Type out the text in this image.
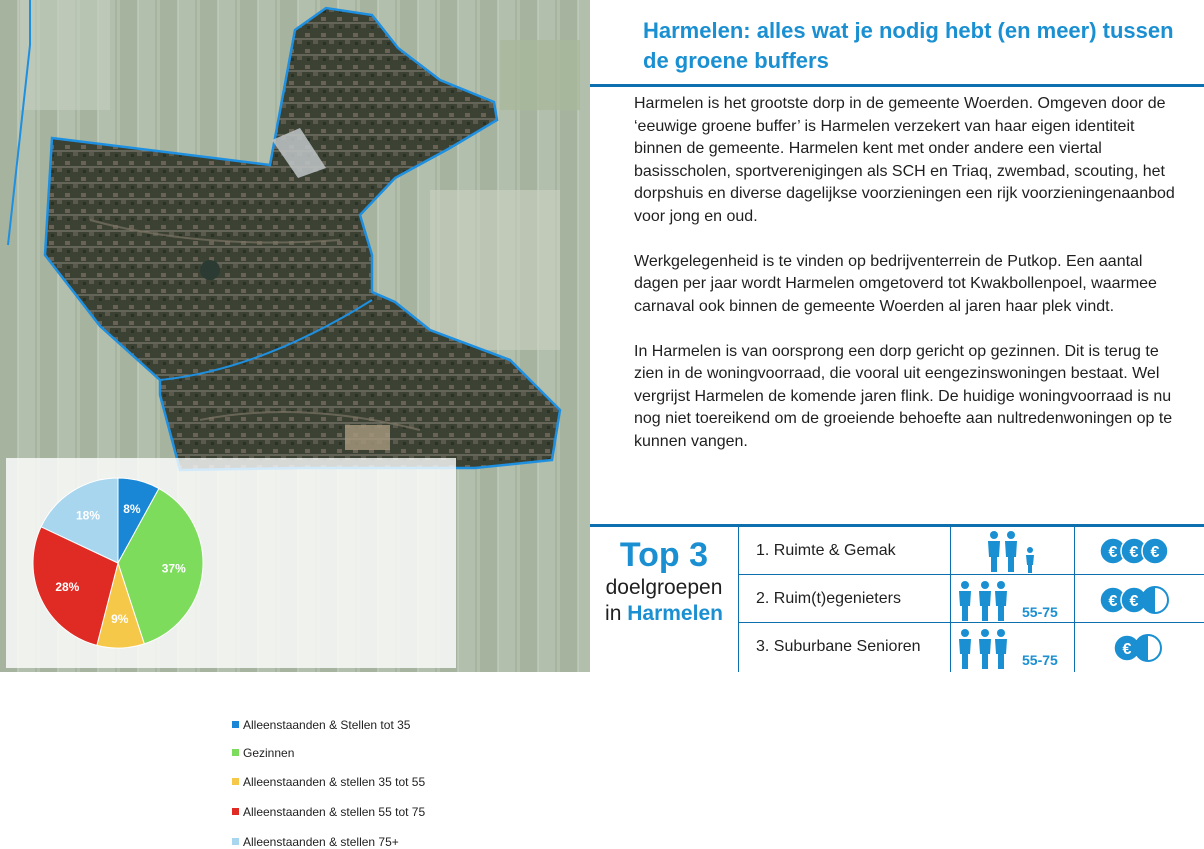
8%
37%
9%
28%
18%
Alleenstaanden & Stellen tot 35
Gezinnen
Alleenstaanden & stellen 35 tot 55
Alleenstaanden & stellen 55 tot 75
Alleenstaanden & stellen 75+
Harmelen: alles wat je nodig hebt (en meer) tussen de groene buffers

Harmelen is het grootste dorp in de gemeente Woerden. Omgeven door de ‘eeuwige groene buffer’ is Harmelen verzekert van haar eigen identiteit binnen de gemeente. Harmelen kent met onder andere een viertal basisscholen, sportverenigingen als SCH en Triaq, zwembad, scouting, het dorpshuis en diverse dagelijkse voorzieningen een rijk voorzieningenaanbod voor jong en oud.

Werkgelegenheid is te vinden op bedrijventerrein de Putkop. Een aantal dagen per jaar wordt Harmelen omgetoverd tot Kwakbollenpoel, waarmee carnaval ook binnen de gemeente Woerden al jaren haar plek vindt.

In Harmelen is van oorsprong een dorp gericht op gezinnen. Dit is terug te zien in de woningvoorraad, die vooral uit eengezinswoningen bestaat. Wel vergrijst Harmelen de komende jaren flink. De huidige woningvoorraad is nu nog niet toereikend om de groeiende behoefte aan nultredenwoningen op te kunnen vangen.

Top 3
doelgroepen
in Harmelen
1. Ruimte & Gemak	€ € €
2. Ruim(t)egenieters
55-75
€ €
3. Suburbane Senioren
55-75
€
